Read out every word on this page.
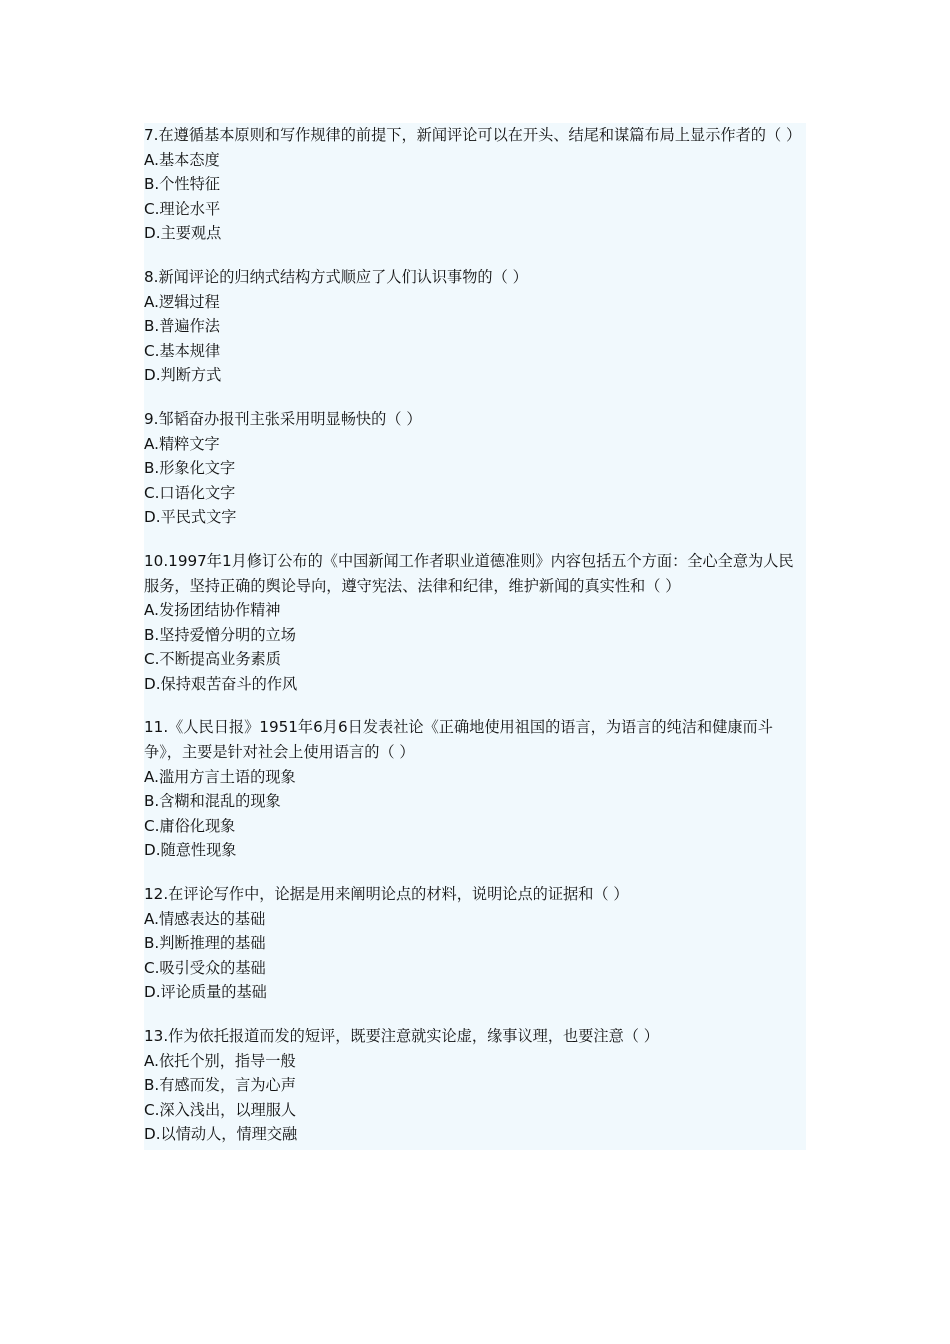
7.在遵循基本原则和写作规律的前提下，新闻评论可以在开头、结尾和谋篇布局上显示作者的（ ）

A.基本态度

B.个性特征

C.理论水平

D.主要观点

8.新闻评论的归纳式结构方式顺应了人们认识事物的（ ）

A.逻辑过程

B.普遍作法

C.基本规律

D.判断方式

9.邹韬奋办报刊主张采用明显畅快的（ ）

A.精粹文字

B.形象化文字

C.口语化文字

D.平民式文字

10.1997年1月修订公布的《中国新闻工作者职业道德准则》内容包括五个方面：全心全意为人民服务，坚持正确的舆论导向，遵守宪法、法律和纪律，维护新闻的真实性和（ ）

A.发扬团结协作精神

B.坚持爱憎分明的立场

C.不断提高业务素质

D.保持艰苦奋斗的作风

11.《人民日报》1951年6月6日发表社论《正确地使用祖国的语言，为语言的纯洁和健康而斗争》，主要是针对社会上使用语言的（ ）

A.滥用方言土语的现象

B.含糊和混乱的现象

C.庸俗化现象

D.随意性现象

12.在评论写作中，论据是用来阐明论点的材料，说明论点的证据和（ ）

A.情感表达的基础

B.判断推理的基础

C.吸引受众的基础

D.评论质量的基础

13.作为依托报道而发的短评，既要注意就实论虚，缘事议理，也要注意（ ）

A.依托个别，指导一般

B.有感而发，言为心声

C.深入浅出，以理服人

D.以情动人，情理交融
